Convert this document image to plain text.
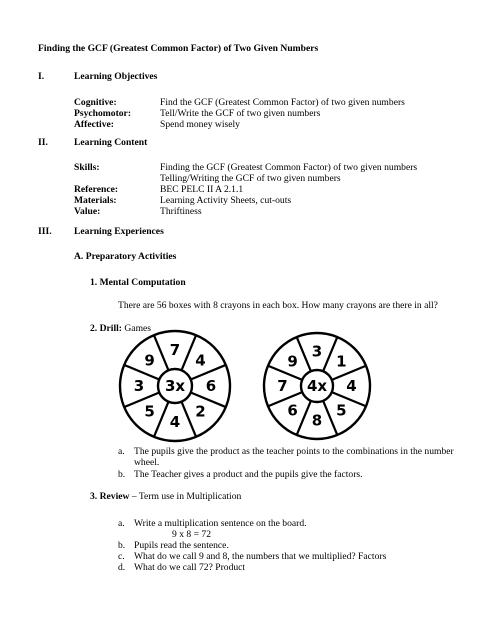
Finding the GCF (Greatest Common Factor) of Two Given Numbers
I.	Learning Objectives
Cognitive:	Find the GCF (Greatest Common Factor) of two given numbers
Psychomotor:	Tell/Write the GCF of two given numbers
Affective:	Spend money wisely
II.	Learning Content
Skills:	Finding the GCF (Greatest Common Factor) of two given numbers
Telling/Writing the GCF of two given numbers
Reference:	BEC PELC II A 2.1.1
Materials:	Learning Activity Sheets, cut-outs
Value:	Thriftiness
III. Learning Experiences
A. Preparatory Activities
1. Mental Computation
There are 56 boxes with 8 crayons in each box. How many crayons are there in all?
2. Drill: Games
7
4
6
2
4
5
3
9
3x
3
1
4
5
8
6
7
9
4x
a. The pupils give the product as the teacher points to the combinations in the number
wheel.
b. The Teacher gives a product and the pupils give the factors.
3. Review – Term use in Multiplication
a. Write a multiplication sentence on the board.
9 x 8 = 72
b. Pupils read the sentence.
c. What do we call 9 and 8, the numbers that we multiplied? Factors
d. What do we call 72? Product
